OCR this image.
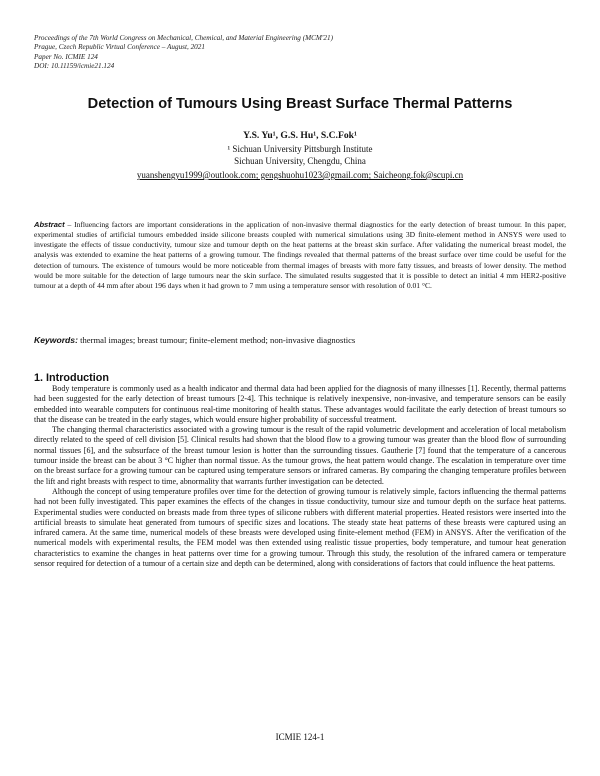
Proceedings of the 7th World Congress on Mechanical, Chemical, and Material Engineering (MCM'21)
Prague, Czech Republic Virtual Conference – August, 2021
Paper No. ICMIE 124
DOI: 10.11159/icmie21.124
Detection of Tumours Using Breast Surface Thermal Patterns
Y.S. Yu¹, G.S. Hu¹, S.C.Fok¹
¹ Sichuan University Pittsburgh Institute
Sichuan University, Chengdu, China
yuanshengyu1999@outlook.com; gengshuohu1023@gmail.com; Saicheong.fok@scupi.cn
Abstract – Influencing factors are important considerations in the application of non-invasive thermal diagnostics for the early detection of breast tumour. In this paper, experimental studies of artificial tumours embedded inside silicone breasts coupled with numerical simulations using 3D finite-element method in ANSYS were used to investigate the effects of tissue conductivity, tumour size and tumour depth on the heat patterns at the breast skin surface. After validating the numerical breast model, the analysis was extended to examine the heat patterns of a growing tumour. The findings revealed that thermal patterns of the breast surface over time could be useful for the detection of tumours. The existence of tumours would be more noticeable from thermal images of breasts with more fatty tissues, and breasts of lower density. The method would be more suitable for the detection of large tumours near the skin surface. The simulated results suggested that it is possible to detect an initial 4 mm HER2-positive tumour at a depth of 44 mm after about 196 days when it had grown to 7 mm using a temperature sensor with resolution of 0.01 °C.
Keywords: thermal images; breast tumour; finite-element method; non-invasive diagnostics
1. Introduction

Body temperature is commonly used as a health indicator and thermal data had been applied for the diagnosis of many illnesses [1]. Recently, thermal patterns had been suggested for the early detection of breast tumours [2-4]. This technique is relatively inexpensive, non-invasive, and temperature sensors can be easily embedded into wearable computers for continuous real-time monitoring of health status. These advantages would facilitate the early detection of breast tumours so that the disease can be treated in the early stages, which would ensure higher probability of successful treatment.

The changing thermal characteristics associated with a growing tumour is the result of the rapid volumetric development and acceleration of local metabolism directly related to the speed of cell division [5]. Clinical results had shown that the blood flow to a growing tumour was greater than the blood flow of surrounding normal tissues [6], and the subsurface of the breast tumour lesion is hotter than the surrounding tissues. Gautherie [7] found that the temperature of a cancerous tumour inside the breast can be about 3 °C higher than normal tissue. As the tumour grows, the heat pattern would change. The escalation in temperature over time on the breast surface for a growing tumour can be captured using temperature sensors or infrared cameras. By comparing the changing temperature profiles between the lift and right breasts with respect to time, abnormality that warrants further investigation can be detected.

Although the concept of using temperature profiles over time for the detection of growing tumour is relatively simple, factors influencing the thermal patterns had not been fully investigated. This paper examines the effects of the changes in tissue conductivity, tumour size and tumour depth on the surface heat patterns. Experimental studies were conducted on breasts made from three types of silicone rubbers with different material properties. Heated resistors were inserted into the artificial breasts to simulate heat generated from tumours of specific sizes and locations. The steady state heat patterns of these breasts were captured using an infrared camera. At the same time, numerical models of these breasts were developed using finite-element method (FEM) in ANSYS. After the verification of the numerical models with experimental results, the FEM model was then extended using realistic tissue properties, body temperature, and tumour heat generation characteristics to examine the changes in heat patterns over time for a growing tumour. Through this study, the resolution of the infrared camera or temperature sensor required for detection of a tumour of a certain size and depth can be determined, along with considerations of factors that could influence the heat patterns.

ICMIE 124-1
